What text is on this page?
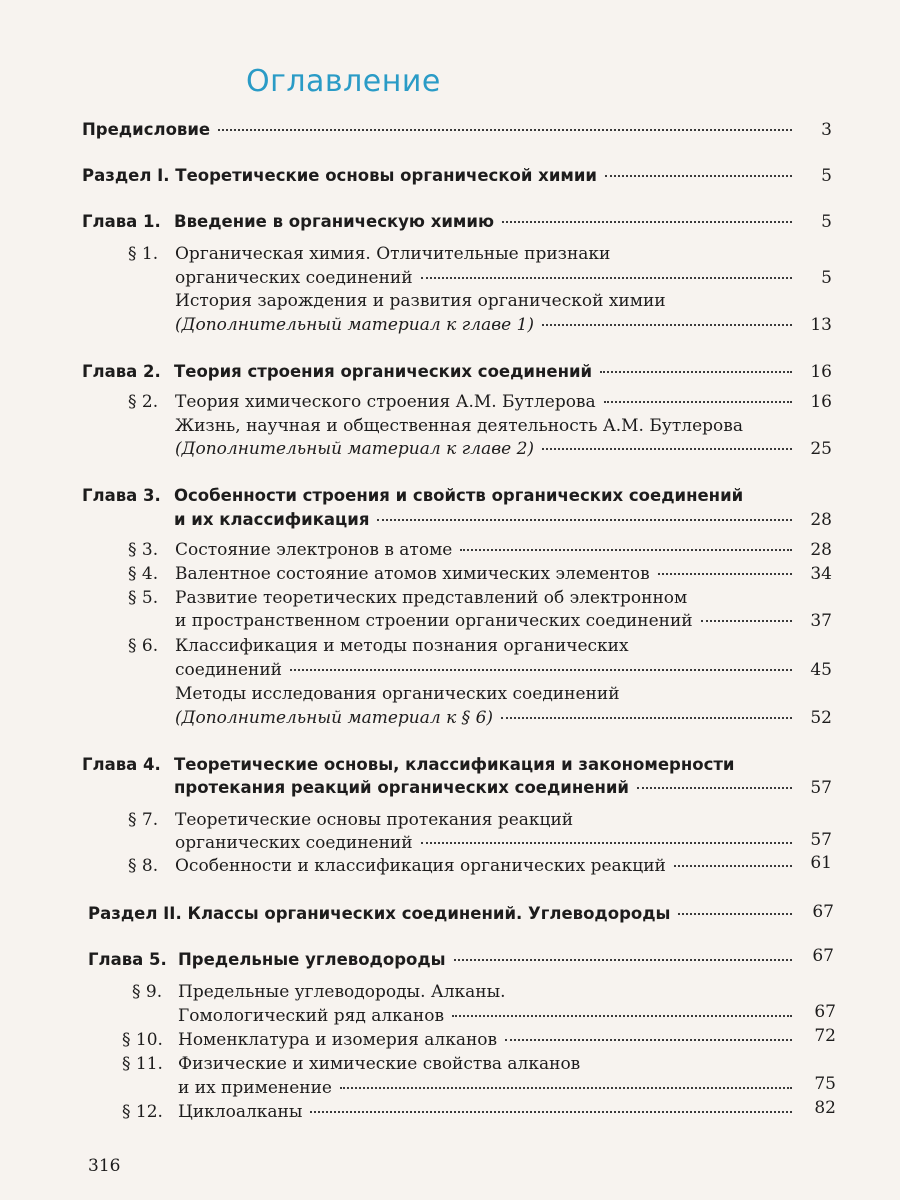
Оглавление
Предисловие	3
Раздел I. Теоретические основы органической химии	5
Глава 1. Введение в органическую химию	5
§ 1. Органическая химия. Отличительные признаки
органических соединений	5
История зарождения и развития органической химии
(Дополнительный материал к главе 1)	13
Глава 2. Теория строения органических соединений	16
§ 2. Теория химического строения А.М. Бутлерова	16
Жизнь, научная и общественная деятельность А.М. Бутлерова
(Дополнительный материал к главе 2)	25
Глава 3. Особенности строения и свойств органических соединений
и их классификация	28
§ 3. Состояние электронов в атоме	28
§ 4. Валентное состояние атомов химических элементов	34
§ 5. Развитие теоретических представлений об электронном
и пространственном строении органических соединений	37
§ 6. Классификация и методы познания органических
соединений	45
Методы исследования органических соединений
(Дополнительный материал к § 6)	52
Глава 4. Теоретические основы, классификация и закономерности
протекания реакций органических соединений	57
§ 7. Теоретические основы протекания реакций
органических соединений	57
§ 8. Особенности и классификация органических реакций	61
Раздел II. Классы органических соединений. Углеводороды	67
Глава 5. Предельные углеводороды	67
§ 9. Предельные углеводороды. Алканы.
Гомологический ряд алканов	67
§ 10. Номенклатура и изомерия алканов	72
§ 11. Физические и химические свойства алканов
и их применение	75
§ 12. Циклоалканы	82
316
